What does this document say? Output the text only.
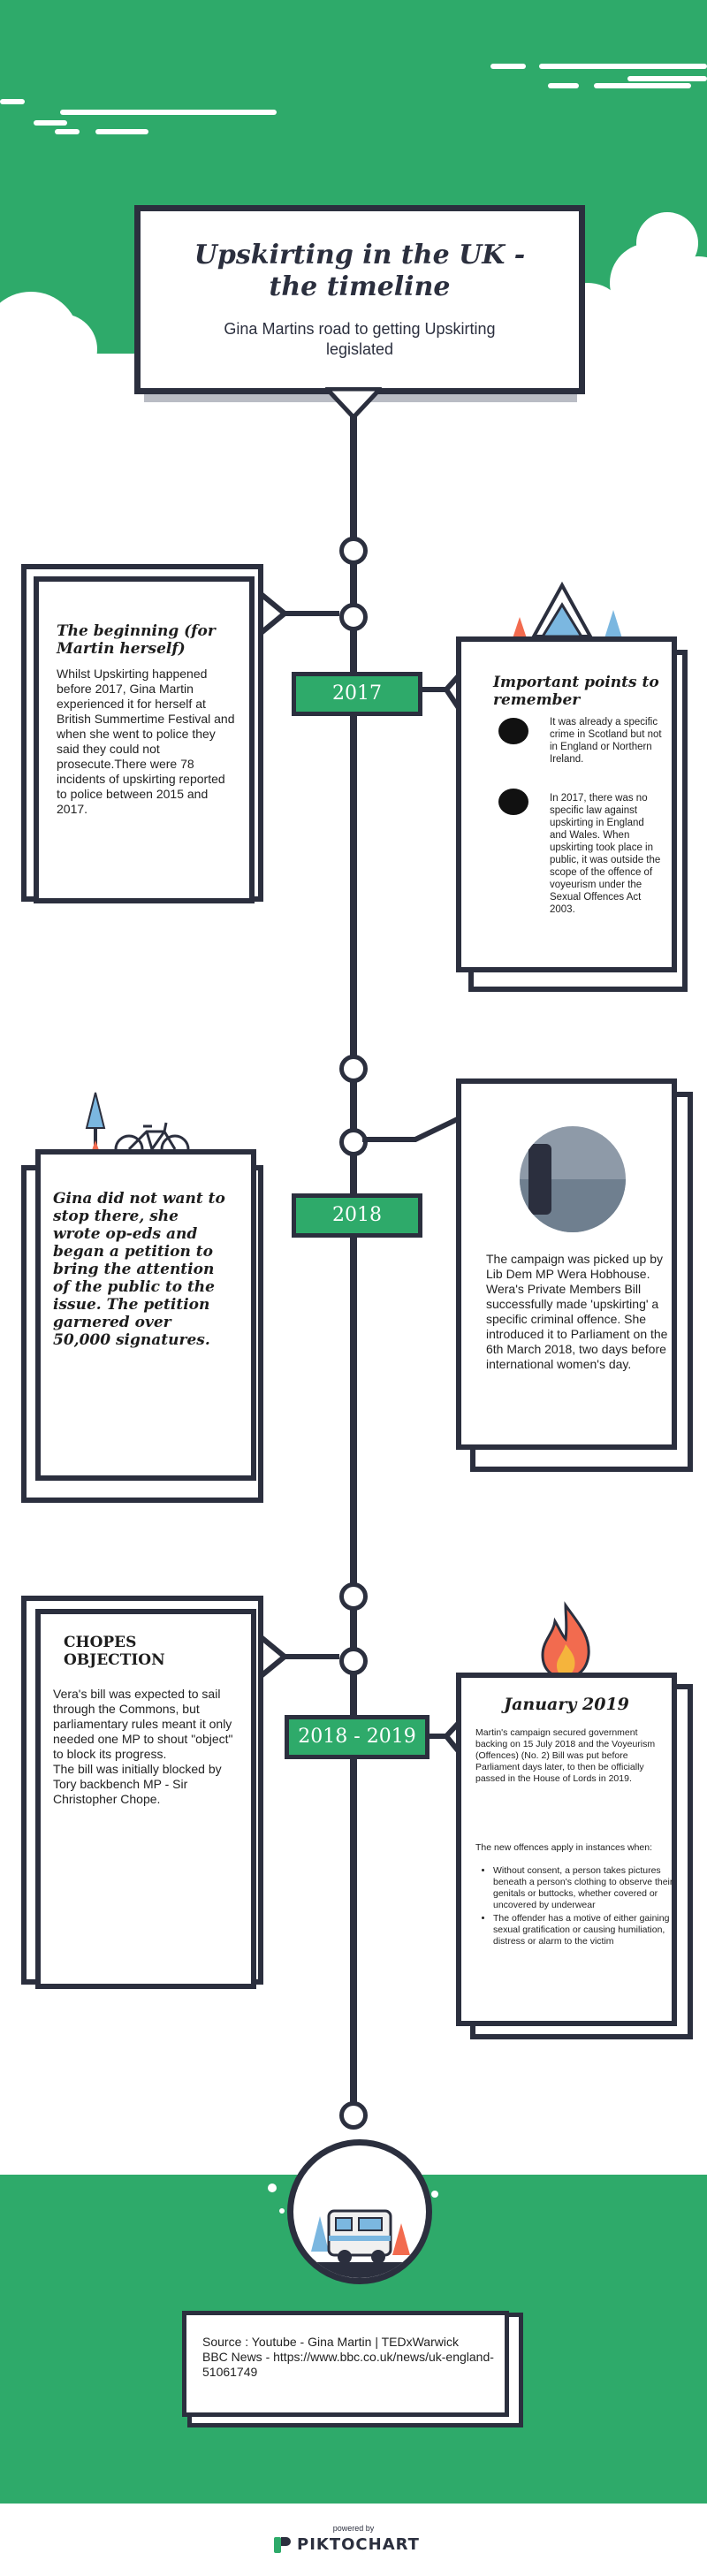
Upskirting in the UK - the timeline
Gina Martins road to getting Upskirting legislated
2017
2018
2018 - 2019
The beginning (for Martin herself)
Whilst Upskirting happened before 2017, Gina Martin experienced it for herself at British Summertime Festival and when she went to police they said they could not prosecute.There were 78 incidents of upskirting reported to police between 2015 and 2017.
Important points to remember
It was already a specific crime in Scotland but not in England or Northern Ireland.
In 2017, there was no specific law against upskirting in England and Wales. When upskirting took place in public, it was outside the scope of the offence of voyeurism under the Sexual Offences Act 2003.
Gina did not want to stop there, she wrote op-eds and began a petition to bring the attention of the public to the issue. The petition garnered over 50,000 signatures.
The campaign was picked up by Lib Dem MP Wera Hobhouse.
Wera's Private Members Bill successfully made 'upskirting' a specific criminal offence. She introduced it to Parliament on the 6th March 2018, two days before international women's day.
CHOPES OBJECTION
Vera's bill was expected to sail through the Commons, but parliamentary rules meant it only needed one MP to shout "object" to block its progress.
The bill was initially blocked by Tory backbench MP - Sir Christopher Chope.
January 2019
Martin's campaign secured government backing on 15 July 2018 and the Voyeurism (Offences) (No. 2) Bill was put before Parliament days later, to then be officially passed in the House of Lords in 2019.
The new offences apply in instances when:
• Without consent, a person takes pictures beneath a person's clothing to observe their genitals or buttocks, whether covered or uncovered by underwear
• The offender has a motive of either gaining sexual gratification or causing humiliation, distress or alarm to the victim
Source : Youtube - Gina Martin | TEDxWarwick
BBC News - https://www.bbc.co.uk/news/uk-england-51061749
powered by
PIKTOCHART
